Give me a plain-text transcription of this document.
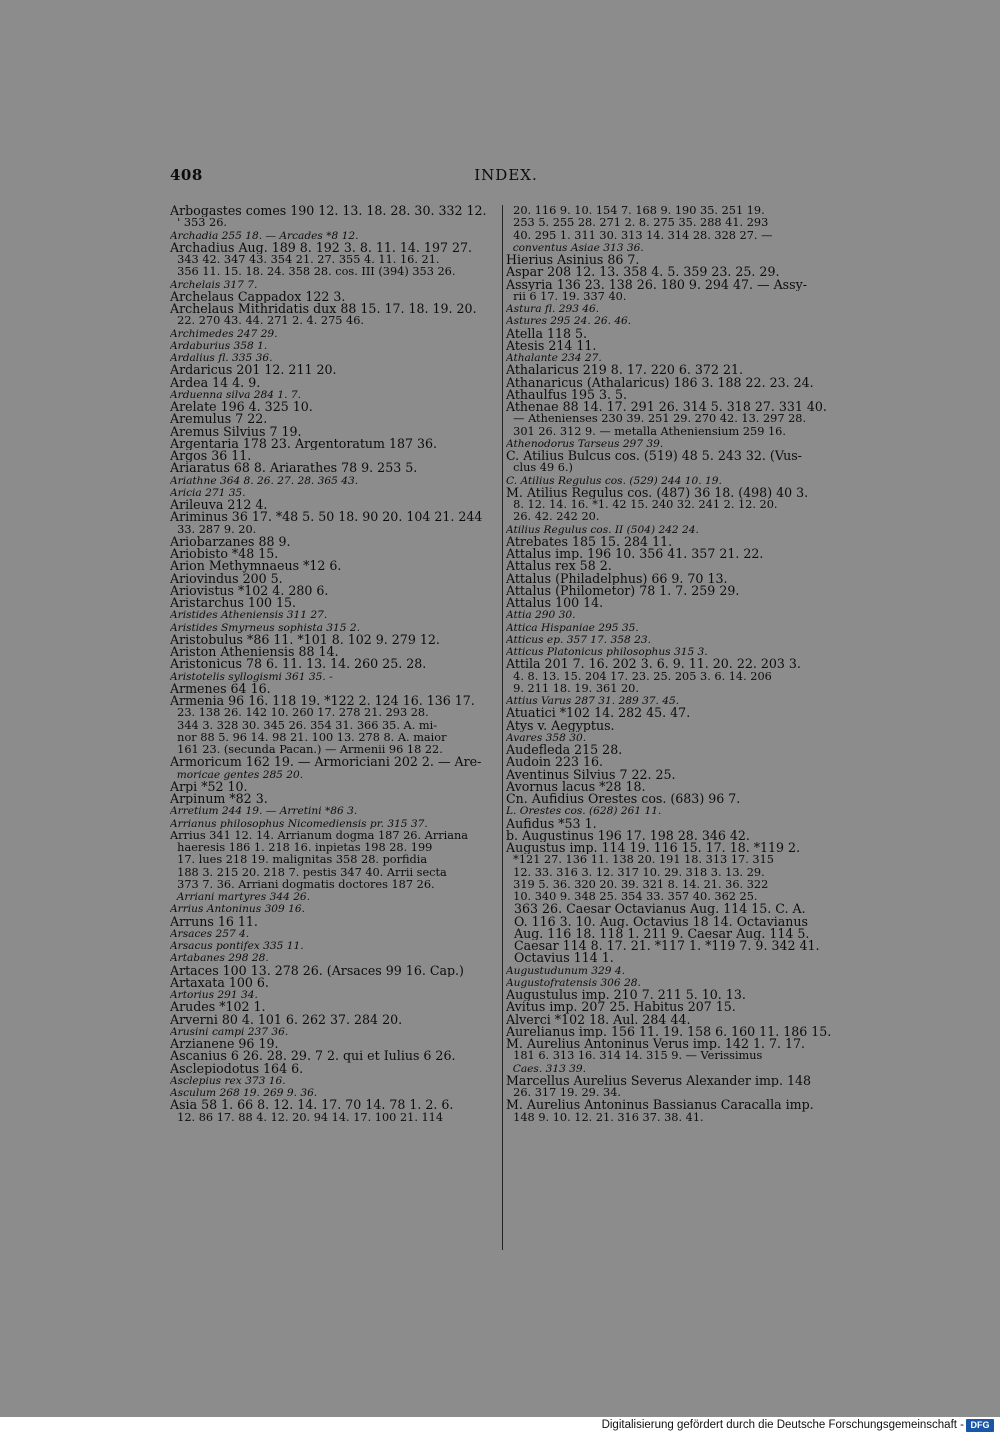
408	INDEX.
Arbogastes comes 190 12. 13. 18. 28. 30. 332 12.
' 353 26.
Archadia 255 18. — Arcades *8 12.
Archadius Aug. 189 8. 192 3. 8. 11. 14. 197 27.
343 42. 347 43. 354 21. 27. 355 4. 11. 16. 21.
356 11. 15. 18. 24. 358 28. cos. III (394) 353 26.
Archelais 317 7.
Archelaus Cappadox 122 3.
Archelaus Mithridatis dux 88 15. 17. 18. 19. 20.
22. 270 43. 44. 271 2. 4. 275 46.
Archimedes 247 29.
Ardaburius 358 1.
Ardalius fl. 335 36.
Ardaricus 201 12. 211 20.
Ardea 14 4. 9.
Arduenna silva 284 1. 7.
Arelate 196 4. 325 10.
Aremulus 7 22.
Aremus Silvius 7 19.
Argentaria 178 23. Argentoratum 187 36.
Argos 36 11.
Ariaratus 68 8. Ariarathes 78 9. 253 5.
Ariathne 364 8. 26. 27. 28. 365 43.
Aricia 271 35.
Arileuva 212 4.
Ariminus 36 17. *48 5. 50 18. 90 20. 104 21. 244
33. 287 9. 20.
Ariobarzanes 88 9.
Ariobisto *48 15.
Arion Methymnaeus *12 6.
Ariovindus 200 5.
Ariovistus *102 4. 280 6.
Aristarchus 100 15.
Aristides Atheniensis 311 27.
Aristides Smyrneus sophista 315 2.
Aristobulus *86 11. *101 8. 102 9. 279 12.
Ariston Atheniensis 88 14.
Aristonicus 78 6. 11. 13. 14. 260 25. 28.
Aristotelis syllogismi 361 35. -
Armenes 64 16.
Armenia 96 16. 118 19. *122 2. 124 16. 136 17.
23. 138 26. 142 10. 260 17. 278 21. 293 28.
344 3. 328 30. 345 26. 354 31. 366 35. A. mi-
nor 88 5. 96 14. 98 21. 100 13. 278 8. A. maior
161 23. (secunda Pacan.) — Armenii 96 18 22.
Armoricum 162 19. — Armoriciani 202 2. — Are-
moricae gentes 285 20.
Arpi *52 10.
Arpinum *82 3.
Arretium 244 19. — Arretini *86 3.
Arrianus philosophus Nicomediensis pr. 315 37.
Arrius 341 12. 14. Arrianum dogma 187 26. Arriana
haeresis 186 1. 218 16. inpietas 198 28. 199
17. lues 218 19. malignitas 358 28. porfidia
188 3. 215 20. 218 7. pestis 347 40. Arrii secta
373 7. 36. Arriani dogmatis doctores 187 26.
Arriani martyres 344 26.
Arrius Antoninus 309 16.
Arruns 16 11.
Arsaces 257 4.
Arsacus pontifex 335 11.
Artabanes 298 28.
Artaces 100 13. 278 26. (Arsaces 99 16. Cap.)
Artaxata 100 6.
Artorius 291 34.
Arudes *102 1.
Arverni 80 4. 101 6. 262 37. 284 20.
Arusini campi 237 36.
Arzianene 96 19.
Ascanius 6 26. 28. 29. 7 2. qui et Iulius 6 26.
Asclepiodotus 164 6.
Asclepius rex 373 16.
Asculum 268 19. 269 9. 36.
Asia 58 1. 66 8. 12. 14. 17. 70 14. 78 1. 2. 6.
12. 86 17. 88 4. 12. 20. 94 14. 17. 100 21. 114
20. 116 9. 10. 154 7. 168 9. 190 35. 251 19.
253 5. 255 28. 271 2. 8. 275 35. 288 41. 293
40. 295 1. 311 30. 313 14. 314 28. 328 27. —
conventus Asiae 313 36.
Hierius Asinius 86 7.
Aspar 208 12. 13. 358 4. 5. 359 23. 25. 29.
Assyria 136 23. 138 26. 180 9. 294 47. — Assy-
rii 6 17. 19. 337 40.
Astura fl. 293 46.
Astures 295 24. 26. 46.
Atella 118 5.
Atesis 214 11.
Athalante 234 27.
Athalaricus 219 8. 17. 220 6. 372 21.
Athanaricus (Athalaricus) 186 3. 188 22. 23. 24.
Athaulfus 195 3. 5.
Athenae 88 14. 17. 291 26. 314 5. 318 27. 331 40.
— Athenienses 230 39. 251 29. 270 42. 13. 297 28.
301 26. 312 9. — metalla Atheniensium 259 16.
Athenodorus Tarseus 297 39.
C. Atilius Bulcus cos. (519) 48 5. 243 32. (Vus-
clus 49 6.)
C. Atilius Regulus cos. (529) 244 10. 19.
M. Atilius Regulus cos. (487) 36 18. (498) 40 3.
8. 12. 14. 16. *1. 42 15. 240 32. 241 2. 12. 20.
26. 42. 242 20.
Atilius Regulus cos. II (504) 242 24.
Atrebates 185 15. 284 11.
Attalus imp. 196 10. 356 41. 357 21. 22.
Attalus rex 58 2.
Attalus (Philadelphus) 66 9. 70 13.
Attalus (Philometor) 78 1. 7. 259 29.
Attalus 100 14.
Attia 290 30.
Attica Hispaniae 295 35.
Atticus ep. 357 17. 358 23.
Atticus Platonicus philosophus 315 3.
Attila 201 7. 16. 202 3. 6. 9. 11. 20. 22. 203 3.
4. 8. 13. 15. 204 17. 23. 25. 205 3. 6. 14. 206
9. 211 18. 19. 361 20.
Attius Varus 287 31. 289 37. 45.
Atuatici *102 14. 282 45. 47.
Atys v. Aegyptus.
Avares 358 30.
Audefleda 215 28.
Audoin 223 16.
Aventinus Silvius 7 22. 25.
Avornus lacus *28 18.
Cn. Aufidius Orestes cos. (683) 96 7.
L. Orestes cos. (628) 261 11.
Aufidus *53 1.
b. Augustinus 196 17. 198 28. 346 42.
Augustus imp. 114 19. 116 15. 17. 18. *119 2.
*121 27. 136 11. 138 20. 191 18. 313 17. 315
12. 33. 316 3. 12. 317 10. 29. 318 3. 13. 29.
319 5. 36. 320 20. 39. 321 8. 14. 21. 36. 322
10. 340 9. 348 25. 354 33. 357 40. 362 25.
363 26. Caesar Octavianus Aug. 114 15. C. A.
O. 116 3. 10. Aug. Octavius 18 14. Octavianus
Aug. 116 18. 118 1. 211 9. Caesar Aug. 114 5.
Caesar 114 8. 17. 21. *117 1. *119 7. 9. 342 41.
Octavius 114 1.
Augustudunum 329 4.
Augustofratensis 306 28.
Augustulus imp. 210 7. 211 5. 10. 13.
Avitus imp. 207 25. Habitus 207 15.
Alverci *102 18. Aul. 284 44.
Aurelianus imp. 156 11. 19. 158 6. 160 11. 186 15.
M. Aurelius Antoninus Verus imp. 142 1. 7. 17.
181 6. 313 16. 314 14. 315 9. — Verissimus
Caes. 313 39.
Marcellus Aurelius Severus Alexander imp. 148
26. 317 19. 29. 34.
M. Aurelius Antoninus Bassianus Caracalla imp.
148 9. 10. 12. 21. 316 37. 38. 41.
Digitalisierung gefördert durch die Deutsche Forschungsgemeinschaft - DFG
